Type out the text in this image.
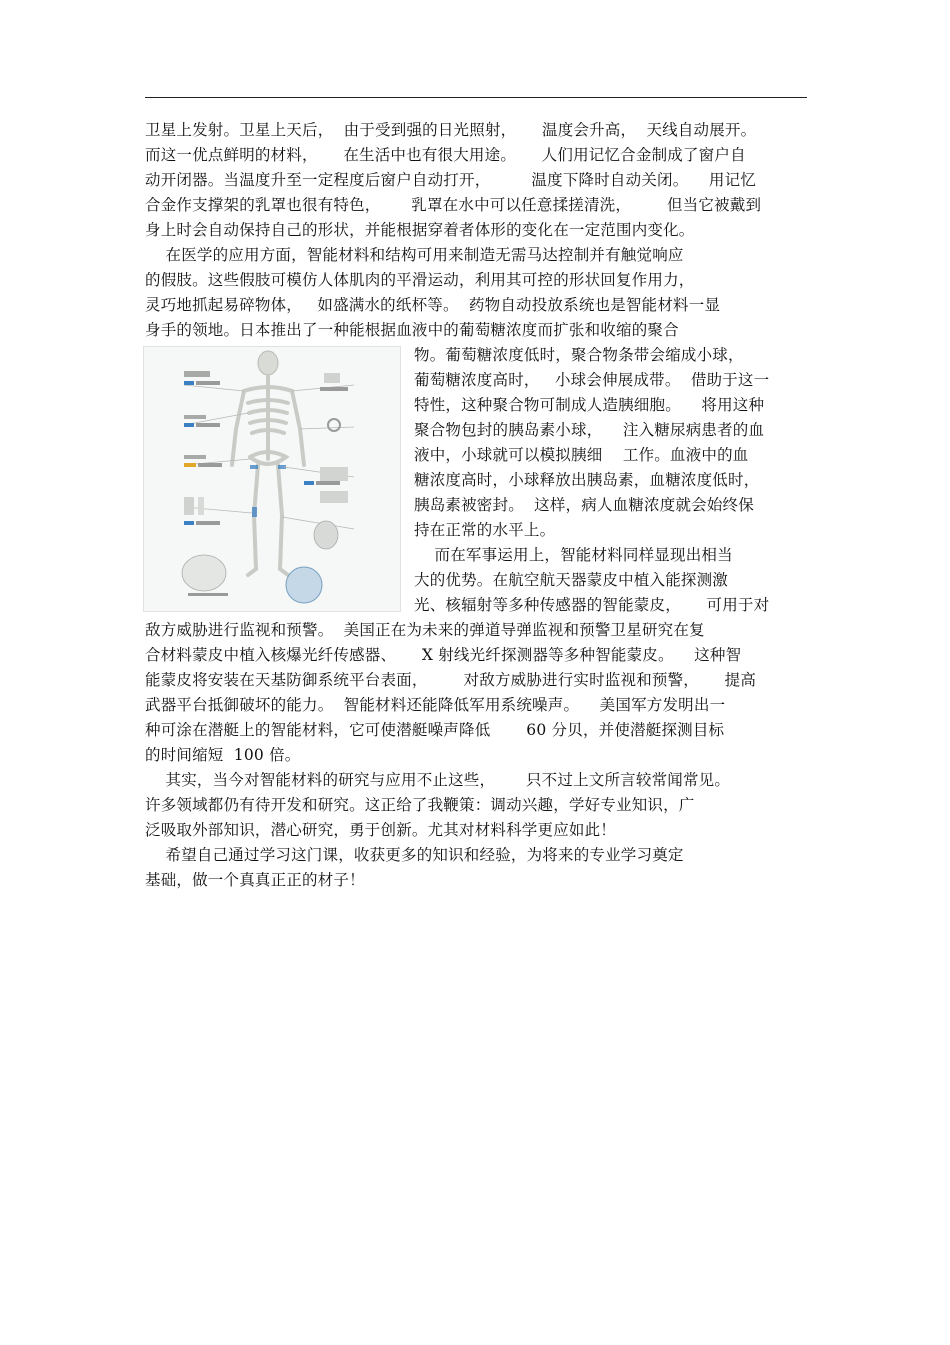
卫星上发射。卫星上天后，  由于受到强的日光照射，     温度会升高，  天线自动展开。
而这一优点鲜明的材料，     在生活中也有很大用途。     人们用记忆合金制成了窗户自
动开闭器。当温度升至一定程度后窗户自动打开，        温度下降时自动关闭。    用记忆
合金作支撑架的乳罩也很有特色，      乳罩在水中可以任意揉搓清洗，       但当它被戴到
身上时会自动保持自己的形状，并能根据穿着者体形的变化在一定范围内变化。
在医学的应用方面，智能材料和结构可用来制造无需马达控制并有触觉响应
的假肢。这些假肢可模仿人体肌肉的平滑运动，利用其可控的形状回复作用力，
灵巧地抓起易碎物体，   如盛满水的纸杯等。  药物自动投放系统也是智能材料一显
身手的领地。日本推出了一种能根据血液中的葡萄糖浓度而扩张和收缩的聚合
物。葡萄糖浓度低时，聚合物条带会缩成小球，
葡萄糖浓度高时，   小球会伸展成带。  借助于这一
特性，这种聚合物可制成人造胰细胞。    将用这种
聚合物包封的胰岛素小球，    注入糖尿病患者的血
液中，小球就可以模拟胰细    工作。血液中的血
糖浓度高时，小球释放出胰岛素，血糖浓度低时，
胰岛素被密封。  这样，病人血糖浓度就会始终保
持在正常的水平上。
而在军事运用上，智能材料同样显现出相当
大的优势。在航空航天器蒙皮中植入能探测激
光、核辐射等多种传感器的智能蒙皮，     可用于对
敌方威胁进行监视和预警。  美国正在为未来的弹道导弹监视和预警卫星研究在复
合材料蒙皮中植入核爆光纤传感器、     X 射线光纤探测器等多种智能蒙皮。    这种智
能蒙皮将安装在天基防御系统平台表面，       对敌方威胁进行实时监视和预警，     提高
武器平台抵御破坏的能力。  智能材料还能降低军用系统噪声。    美国军方发明出一
种可涂在潜艇上的智能材料，它可使潜艇噪声降低       60 分贝，并使潜艇探测目标
的时间缩短  100 倍。
其实，当今对智能材料的研究与应用不止这些，      只不过上文所言较常闻常见。
许多领域都仍有待开发和研究。这正给了我鞭策：调动兴趣，学好专业知识，广
泛吸取外部知识，潜心研究，勇于创新。尤其对材料科学更应如此！
希望自己通过学习这门课，收获更多的知识和经验，为将来的专业学习奠定
基础，做一个真真正正的材子！
